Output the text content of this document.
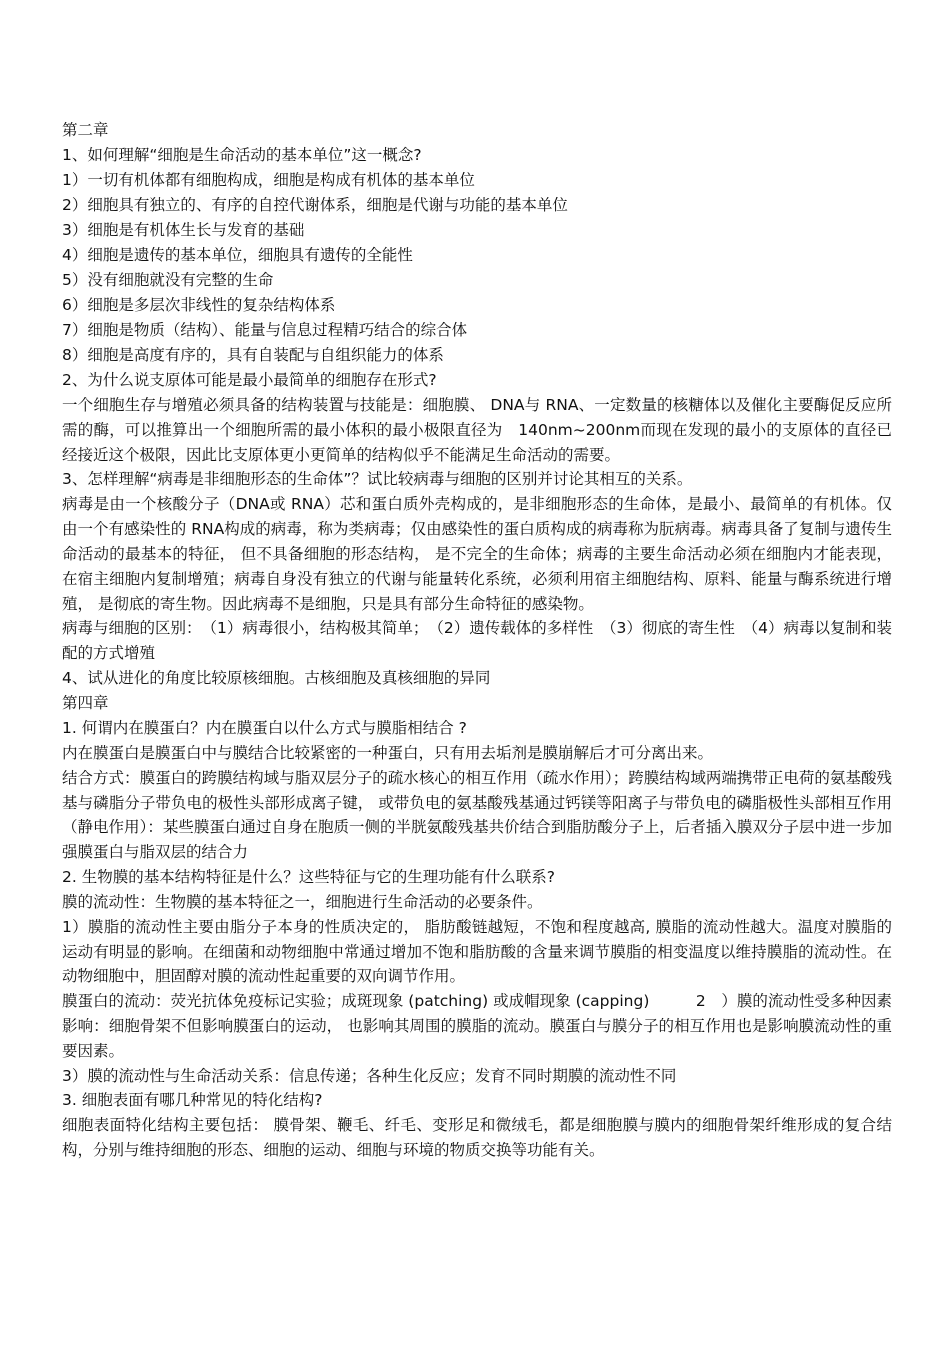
第二章
1、如何理解“细胞是生命活动的基本单位”这一概念?
1）一切有机体都有细胞构成，细胞是构成有机体的基本单位
2）细胞具有独立的、有序的自控代谢体系，细胞是代谢与功能的基本单位
3）细胞是有机体生长与发育的基础
4）细胞是遗传的基本单位，细胞具有遗传的全能性
5）没有细胞就没有完整的生命
6）细胞是多层次非线性的复杂结构体系
7）细胞是物质（结构）、能量与信息过程精巧结合的综合体
8）细胞是高度有序的，具有自装配与自组织能力的体系
2、为什么说支原体可能是最小最简单的细胞存在形式?
一个细胞生存与增殖必须具备的结构装置与技能是：细胞膜、 DNA与 RNA、一定数量的核糖体以及催化主要酶促反应所需的酶，可以推算出一个细胞所需的最小体积的最小极限直径为　140nm~200nm而现在发现的最小的支原体的直径已经接近这个极限，因此比支原体更小更简单的结构似乎不能满足生命活动的需要。
3、怎样理解“病毒是非细胞形态的生命体”？试比较病毒与细胞的区别并讨论其相互的关系。
病毒是由一个核酸分子（DNA或 RNA）芯和蛋白质外壳构成的，是非细胞形态的生命体，是最小、最简单的有机体。仅由一个有感染性的 RNA构成的病毒，称为类病毒；仅由感染性的蛋白质构成的病毒称为朊病毒。病毒具备了复制与遗传生命活动的最基本的特征， 但不具备细胞的形态结构， 是不完全的生命体；病毒的主要生命活动必须在细胞内才能表现， 在宿主细胞内复制增殖；病毒自身没有独立的代谢与能量转化系统，必须利用宿主细胞结构、原料、能量与酶系统进行增殖， 是彻底的寄生物。因此病毒不是细胞，只是具有部分生命特征的感染物。
病毒与细胞的区别：　（1）病毒很小，结构极其简单；　（2）遗传载体的多样性　（3）彻底的寄生性　（4）病毒以复制和装配的方式增殖
4、试从进化的角度比较原核细胞。古核细胞及真核细胞的异同
第四章
1. 何谓内在膜蛋白？内在膜蛋白以什么方式与膜脂相结合 ?
内在膜蛋白是膜蛋白中与膜结合比较紧密的一种蛋白，只有用去垢剂是膜崩解后才可分离出来。
结合方式：膜蛋白的跨膜结构域与脂双层分子的疏水核心的相互作用（疏水作用）；跨膜结构域两端携带正电荷的氨基酸残基与磷脂分子带负电的极性头部形成离子键， 或带负电的氨基酸残基通过钙镁等阳离子与带负电的磷脂极性头部相互作用（静电作用）：某些膜蛋白通过自身在胞质一侧的半胱氨酸残基共价结合到脂肪酸分子上，后者插入膜双分子层中进一步加强膜蛋白与脂双层的结合力
2. 生物膜的基本结构特征是什么？这些特征与它的生理功能有什么联系?
膜的流动性：生物膜的基本特征之一，细胞进行生命活动的必要条件。
1）膜脂的流动性主要由脂分子本身的性质决定的， 脂肪酸链越短，不饱和程度越高, 膜脂的流动性越大。温度对膜脂的运动有明显的影响。在细菌和动物细胞中常通过增加不饱和脂肪酸的含量来调节膜脂的相变温度以维持膜脂的流动性。在动物细胞中，胆固醇对膜的流动性起重要的双向调节作用。
膜蛋白的流动：荧光抗体免疫标记实验；成斑现象 (patching) 或成帽现象 (capping)　　　2　）膜的流动性受多种因素影响：细胞骨架不但影响膜蛋白的运动， 也影响其周围的膜脂的流动。膜蛋白与膜分子的相互作用也是影响膜流动性的重要因素。
3）膜的流动性与生命活动关系：信息传递；各种生化反应；发育不同时期膜的流动性不同
3. 细胞表面有哪几种常见的特化结构?
细胞表面特化结构主要包括： 膜骨架、鞭毛、纤毛、变形足和微绒毛，都是细胞膜与膜内的细胞骨架纤维形成的复合结构，分别与维持细胞的形态、细胞的运动、细胞与环境的物质交换等功能有关。
